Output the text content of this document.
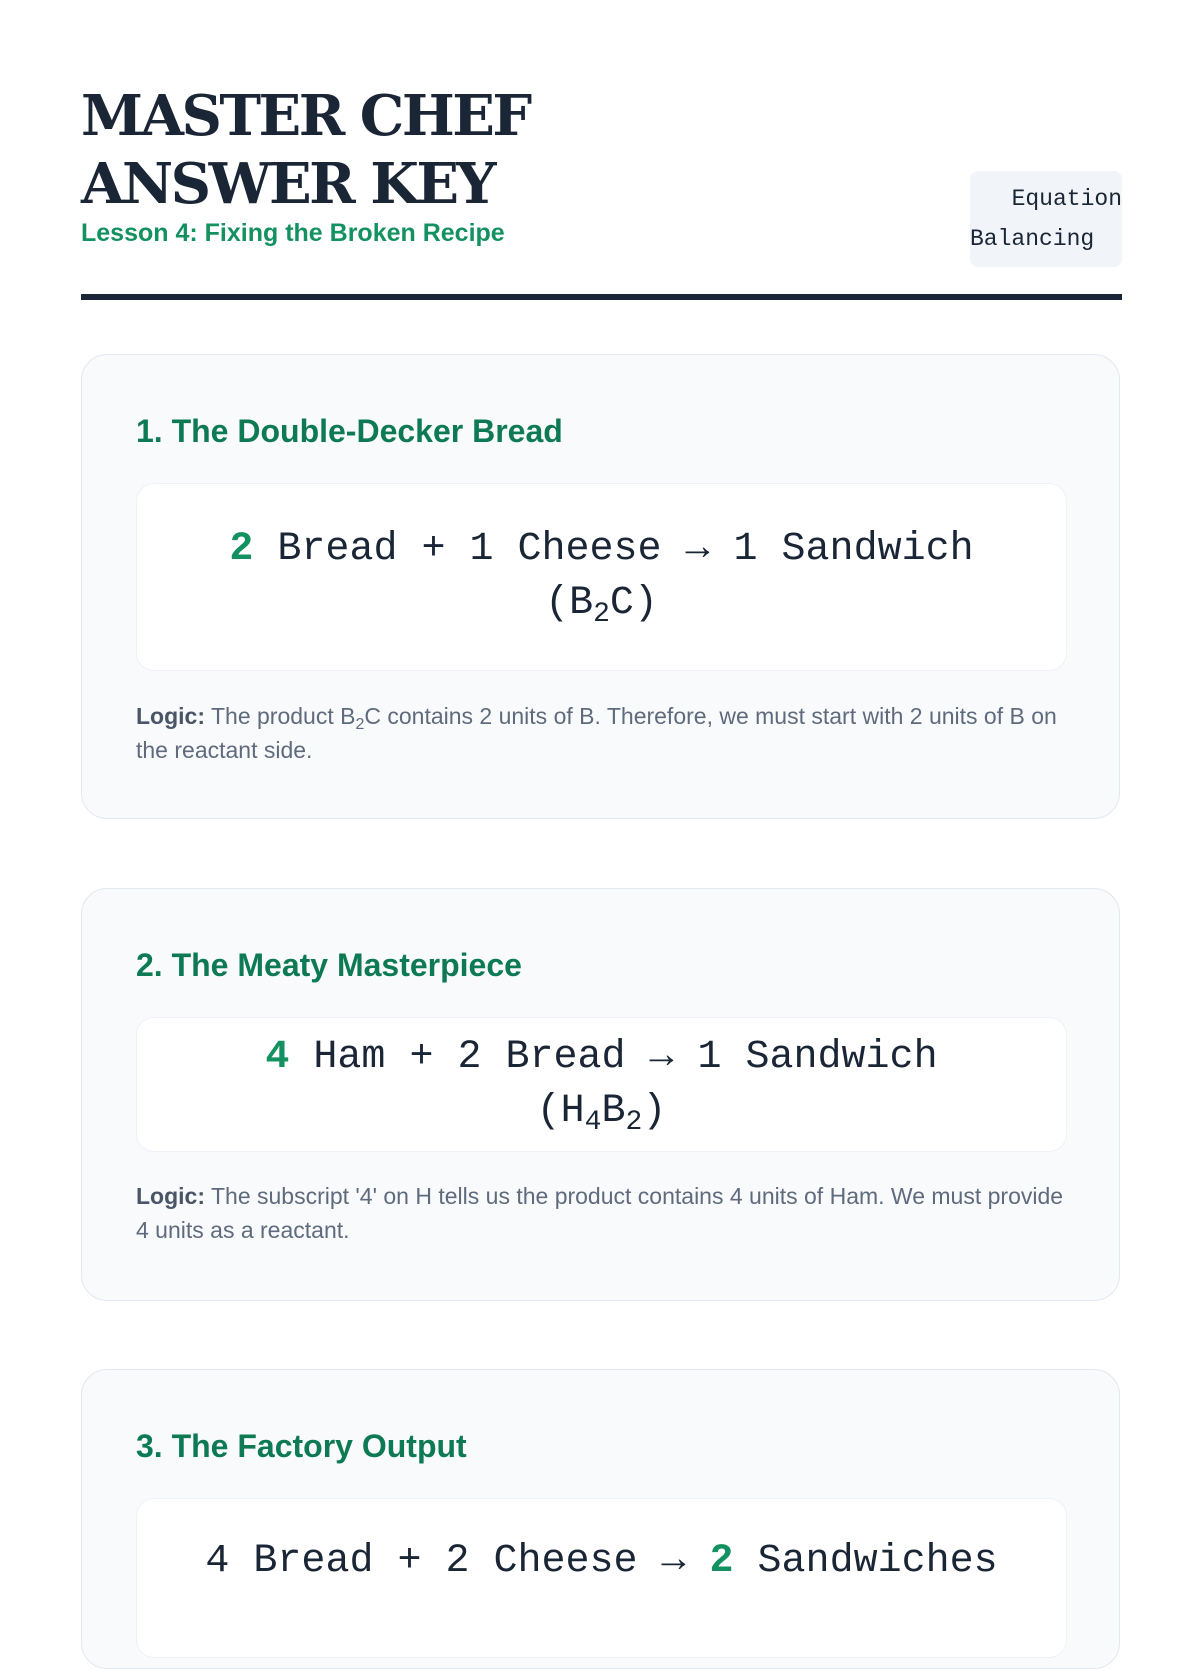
MASTER CHEF ANSWER KEY

Lesson 4: Fixing the Broken Recipe

Equation
Balancing
1. The Double-Decker Bread
2 Bread + 1 Cheese → 1 Sandwich $(B_2C)$

Logic: The product $B_2C$ contains 2 units of B. Therefore, we must start with 2 units of B on the reactant side.

2. The Meaty Masterpiece
4 Ham + 2 Bread → 1 Sandwich $(H_4B_2)$

Logic: The subscript '4' on H tells us the product contains 4 units of Ham. We must provide 4 units as a reactant.

3. The Factory Output
4 Bread + 2 Cheese → 2 Sandwiches
